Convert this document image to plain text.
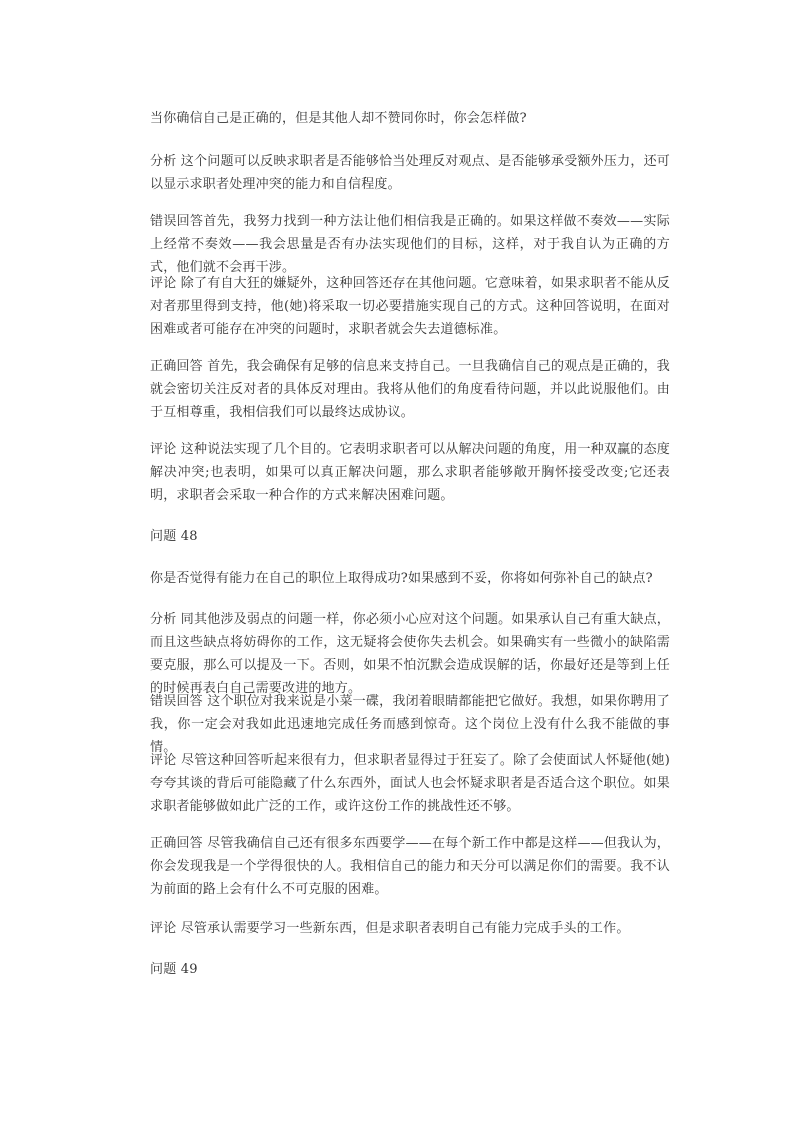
当你确信自己是正确的，但是其他人却不赞同你时，你会怎样做?

分析 这个问题可以反映求职者是否能够恰当处理反对观点、是否能够承受额外压力，还可以显示求职者处理冲突的能力和自信程度。

错误回答首先，我努力找到一种方法让他们相信我是正确的。如果这样做不奏效——实际上经常不奏效——我会思量是否有办法实现他们的目标，这样，对于我自认为正确的方式，他们就不会再干涉。

评论 除了有自大狂的嫌疑外，这种回答还存在其他问题。它意味着，如果求职者不能从反对者那里得到支持，他(她)将采取一切必要措施实现自己的方式。这种回答说明，在面对困难或者可能存在冲突的问题时，求职者就会失去道德标准。

正确回答 首先，我会确保有足够的信息来支持自己。一旦我确信自己的观点是正确的，我就会密切关注反对者的具体反对理由。我将从他们的角度看待问题，并以此说服他们。由于互相尊重，我相信我们可以最终达成协议。

评论 这种说法实现了几个目的。它表明求职者可以从解决问题的角度，用一种双赢的态度解决冲突;也表明，如果可以真正解决问题，那么求职者能够敞开胸怀接受改变;它还表明，求职者会采取一种合作的方式来解决困难问题。

问题 48

你是否觉得有能力在自己的职位上取得成功?如果感到不妥，你将如何弥补自己的缺点?

分析 同其他涉及弱点的问题一样，你必须小心应对这个问题。如果承认自己有重大缺点，而且这些缺点将妨碍你的工作，这无疑将会使你失去机会。如果确实有一些微小的缺陷需要克服，那么可以提及一下。否则，如果不怕沉默会造成误解的话，你最好还是等到上任的时候再表白自己需要改进的地方。

错误回答 这个职位对我来说是小菜一碟，我闭着眼睛都能把它做好。我想，如果你聘用了我，你一定会对我如此迅速地完成任务而感到惊奇。这个岗位上没有什么我不能做的事情。

评论 尽管这种回答听起来很有力，但求职者显得过于狂妄了。除了会使面试人怀疑他(她)夸夸其谈的背后可能隐藏了什么东西外，面试人也会怀疑求职者是否适合这个职位。如果求职者能够做如此广泛的工作，或许这份工作的挑战性还不够。

正确回答 尽管我确信自己还有很多东西要学——在每个新工作中都是这样——但我认为，你会发现我是一个学得很快的人。我相信自己的能力和天分可以满足你们的需要。我不认为前面的路上会有什么不可克服的困难。

评论 尽管承认需要学习一些新东西，但是求职者表明自己有能力完成手头的工作。

问题 49
